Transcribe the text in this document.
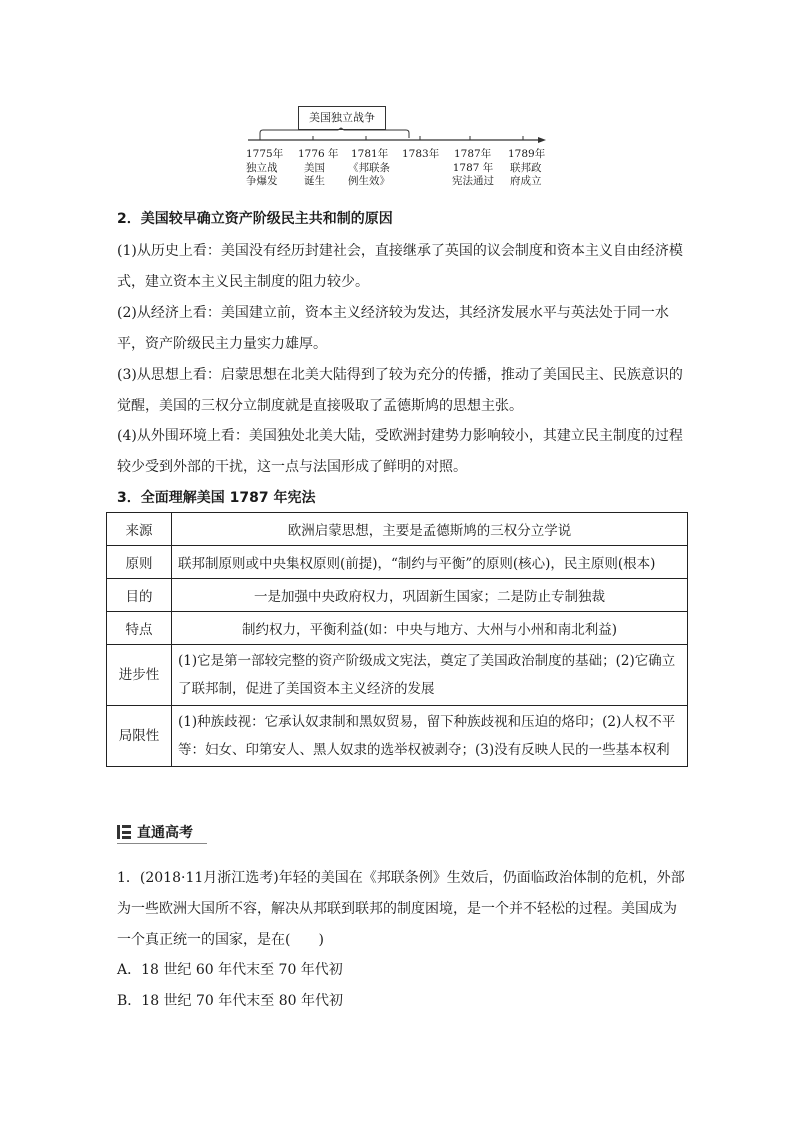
美国独立战争
1775年 1776 年 1781年 1783年 1787年 1789年
独立战
争爆发
美国
诞生
《邦联条
例生效》
1787 年
宪法通过
联邦政
府成立
2．美国较早确立资产阶级民主共和制的原因
(1)从历史上看：美国没有经历封建社会，直接继承了英国的议会制度和资本主义自由经济模式，建立资本主义民主制度的阻力较少。
(2)从经济上看：美国建立前，资本主义经济较为发达，其经济发展水平与英法处于同一水平，资产阶级民主力量实力雄厚。
(3)从思想上看：启蒙思想在北美大陆得到了较为充分的传播，推动了美国民主、民族意识的觉醒，美国的三权分立制度就是直接吸取了孟德斯鸠的思想主张。
(4)从外围环境上看：美国独处北美大陆，受欧洲封建势力影响较小，其建立民主制度的过程较少受到外部的干扰，这一点与法国形成了鲜明的对照。
3．全面理解美国 1787 年宪法
来源	欧洲启蒙思想，主要是孟德斯鸠的三权分立学说
原则	联邦制原则或中央集权原则(前提)，“制约与平衡”的原则(核心)，民主原则(根本)
目的	一是加强中央政府权力，巩固新生国家；二是防止专制独裁
特点	制约权力，平衡利益(如：中央与地方、大州与小州和南北利益)
进步性	(1)它是第一部较完整的资产阶级成文宪法，奠定了美国政治制度的基础；(2)它确立了联邦制，促进了美国资本主义经济的发展
局限性	(1)种族歧视：它承认奴隶制和黑奴贸易，留下种族歧视和压迫的烙印；(2)人权不平等：妇女、印第安人、黑人奴隶的选举权被剥夺；(3)没有反映人民的一些基本权利
直通高考
1．(2018·11月浙江选考)年轻的美国在《邦联条例》生效后，仍面临政治体制的危机，外部为一些欧洲大国所不容，解决从邦联到联邦的制度困境，是一个并不轻松的过程。美国成为一个真正统一的国家，是在(　　)
A．18 世纪 60 年代末至 70 年代初
B．18 世纪 70 年代末至 80 年代初
